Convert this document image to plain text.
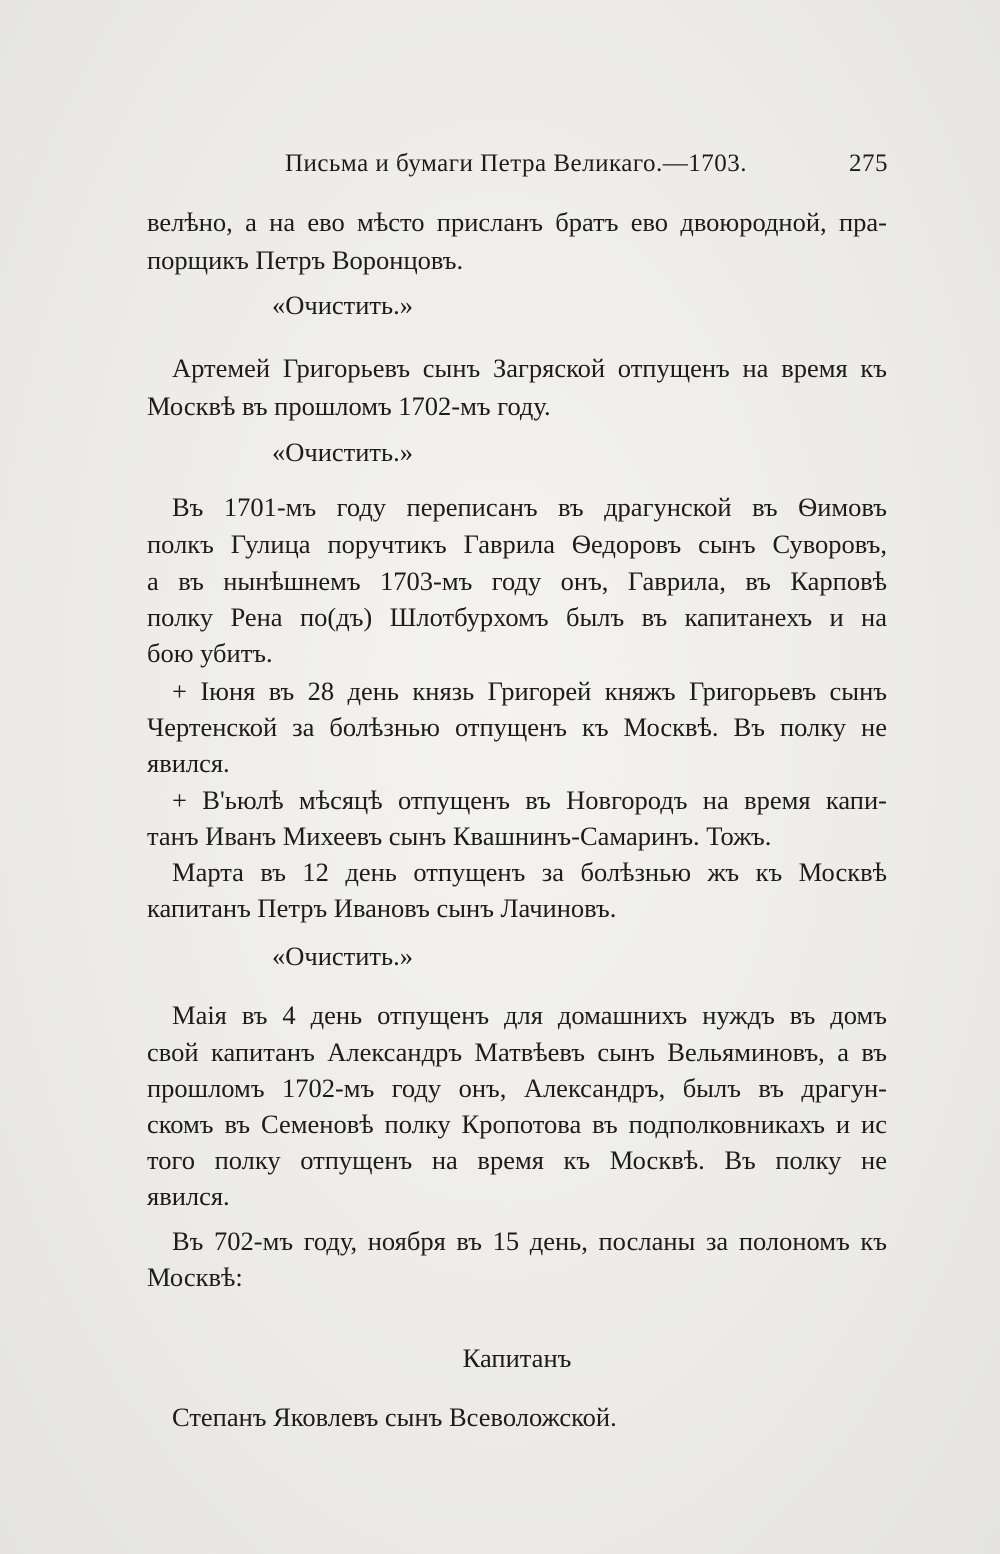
Письма и бумаги Петра Великаго.—1703.	275
велѣно, а на ево мѣсто присланъ братъ ево двоюродной, пра-
порщикъ Петръ Воронцовъ.
«Очистить.»
Артемей Григорьевъ сынъ Загряской отпущенъ на время къ
Москвѣ въ прошломъ 1702-мъ году.
«Очистить.»
Въ 1701-мъ году переписанъ въ драгунской въ Ѳимовъ
полкъ Гулица поручтикъ Гаврила Ѳедоровъ сынъ Суворовъ,
а въ нынѣшнемъ 1703-мъ году онъ, Гаврила, въ Карповѣ
полку Рена по(дъ) Шлотбурхомъ былъ въ капитанехъ и на
бою убитъ.
+ Іюня въ 28 день князь Григорей княжъ Григорьевъ сынъ
Чертенской за болѣзнью отпущенъ къ Москвѣ. Въ полку не
явился.
+ В'ьюлѣ мѣсяцѣ отпущенъ въ Новгородъ на время капи-
танъ Иванъ Михеевъ сынъ Квашнинъ-Самаринъ. Тожъ.
Марта въ 12 день отпущенъ за болѣзнью жъ къ Москвѣ
капитанъ Петръ Ивановъ сынъ Лачиновъ.
«Очистить.»
Маія въ 4 день отпущенъ для домашнихъ нуждъ въ домъ
свой капитанъ Александръ Матвѣевъ сынъ Вельяминовъ, а въ
прошломъ 1702-мъ году онъ, Александръ, былъ въ драгун-
скомъ въ Семеновѣ полку Кропотова въ подполковникахъ и ис
того полку отпущенъ на время къ Москвѣ. Въ полку не
явился.
Въ 702-мъ году, ноября въ 15 день, посланы за полономъ къ
Москвѣ:
Капитанъ
Степанъ Яковлевъ сынъ Всеволожской.
